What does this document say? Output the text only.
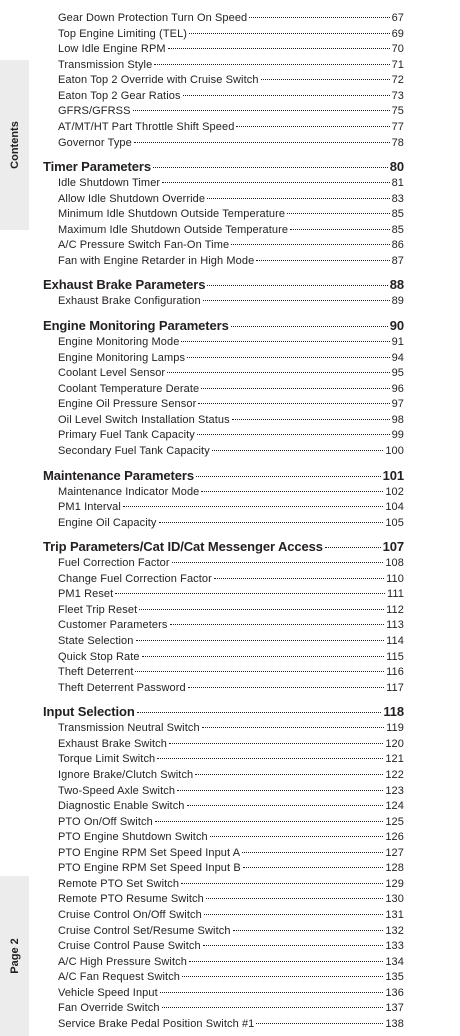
Contents
Page 2
Gear Down Protection Turn On Speed	67
Top Engine Limiting (TEL)	69
Low Idle Engine RPM	70
Transmission Style	71
Eaton Top 2 Override with Cruise Switch	72
Eaton Top 2 Gear Ratios	73
GFRS/GFRSS	75
AT/MT/HT Part Throttle Shift Speed	77
Governor Type	78
Timer Parameters	80
Idle Shutdown Timer	81
Allow Idle Shutdown Override	83
Minimum Idle Shutdown Outside Temperature	85
Maximum Idle Shutdown Outside Temperature	85
A/C Pressure Switch Fan-On Time	86
Fan with Engine Retarder in High Mode	87
Exhaust Brake Parameters	88
Exhaust Brake Configuration	89
Engine Monitoring Parameters	90
Engine Monitoring Mode	91
Engine Monitoring Lamps	94
Coolant Level Sensor	95
Coolant Temperature Derate	96
Engine Oil Pressure Sensor	97
Oil Level Switch Installation Status	98
Primary Fuel Tank Capacity	99
Secondary Fuel Tank Capacity	100
Maintenance Parameters	101
Maintenance Indicator Mode	102
PM1 Interval	104
Engine Oil Capacity	105
Trip Parameters/Cat ID/Cat Messenger Access	107
Fuel Correction Factor	108
Change Fuel Correction Factor	110
PM1 Reset	111
Fleet Trip Reset	112
Customer Parameters	113
State Selection	114
Quick Stop Rate	115
Theft Deterrent	116
Theft Deterrent Password	117
Input Selection	118
Transmission Neutral Switch	119
Exhaust Brake Switch	120
Torque Limit Switch	121
Ignore Brake/Clutch Switch	122
Two-Speed Axle Switch	123
Diagnostic Enable Switch	124
PTO On/Off Switch	125
PTO Engine Shutdown Switch	126
PTO Engine RPM Set Speed Input A	127
PTO Engine RPM Set Speed Input B	128
Remote PTO Set Switch	129
Remote PTO Resume Switch	130
Cruise Control On/Off Switch	131
Cruise Control Set/Resume Switch	132
Cruise Control Pause Switch	133
A/C High Pressure Switch	134
A/C Fan Request Switch	135
Vehicle Speed Input	136
Fan Override Switch	137
Service Brake Pedal Position Switch #1	138
